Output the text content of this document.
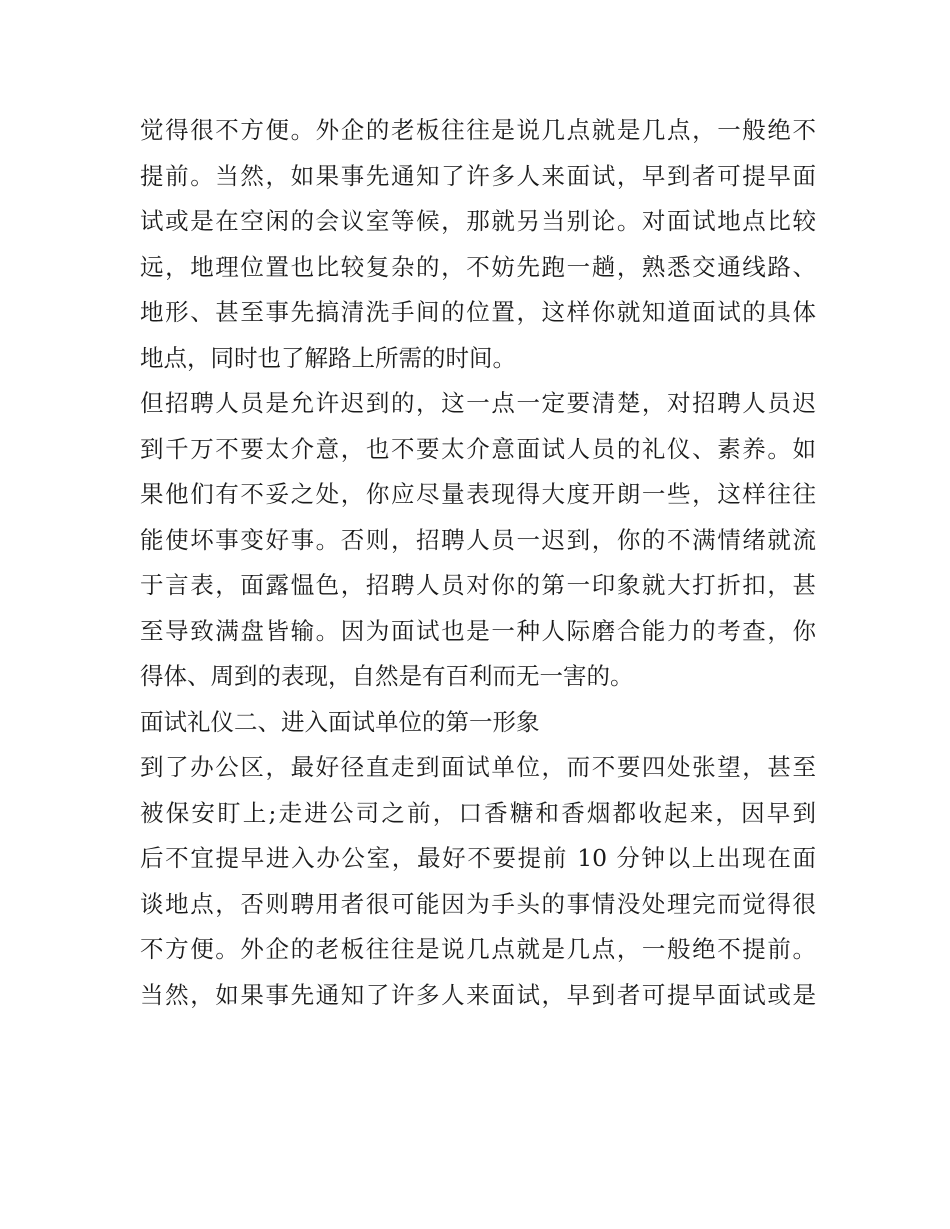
觉得很不方便。外企的老板往往是说几点就是几点，一般绝不
提前。当然，如果事先通知了许多人来面试，早到者可提早面
试或是在空闲的会议室等候，那就另当别论。对面试地点比较
远，地理位置也比较复杂的，不妨先跑一趟，熟悉交通线路、
地形、甚至事先搞清洗手间的位置，这样你就知道面试的具体
地点，同时也了解路上所需的时间。
但招聘人员是允许迟到的，这一点一定要清楚，对招聘人员迟
到千万不要太介意，也不要太介意面试人员的礼仪、素养。如
果他们有不妥之处，你应尽量表现得大度开朗一些，这样往往
能使坏事变好事。否则，招聘人员一迟到，你的不满情绪就流
于言表，面露愠色，招聘人员对你的第一印象就大打折扣，甚
至导致满盘皆输。因为面试也是一种人际磨合能力的考查，你
得体、周到的表现，自然是有百利而无一害的。
面试礼仪二、进入面试单位的第一形象
到了办公区，最好径直走到面试单位，而不要四处张望，甚至
被保安盯上;走进公司之前，口香糖和香烟都收起来，因早到
后不宜提早进入办公室，最好不要提前 10 分钟以上出现在面
谈地点，否则聘用者很可能因为手头的事情没处理完而觉得很
不方便。外企的老板往往是说几点就是几点，一般绝不提前。
当然，如果事先通知了许多人来面试，早到者可提早面试或是
